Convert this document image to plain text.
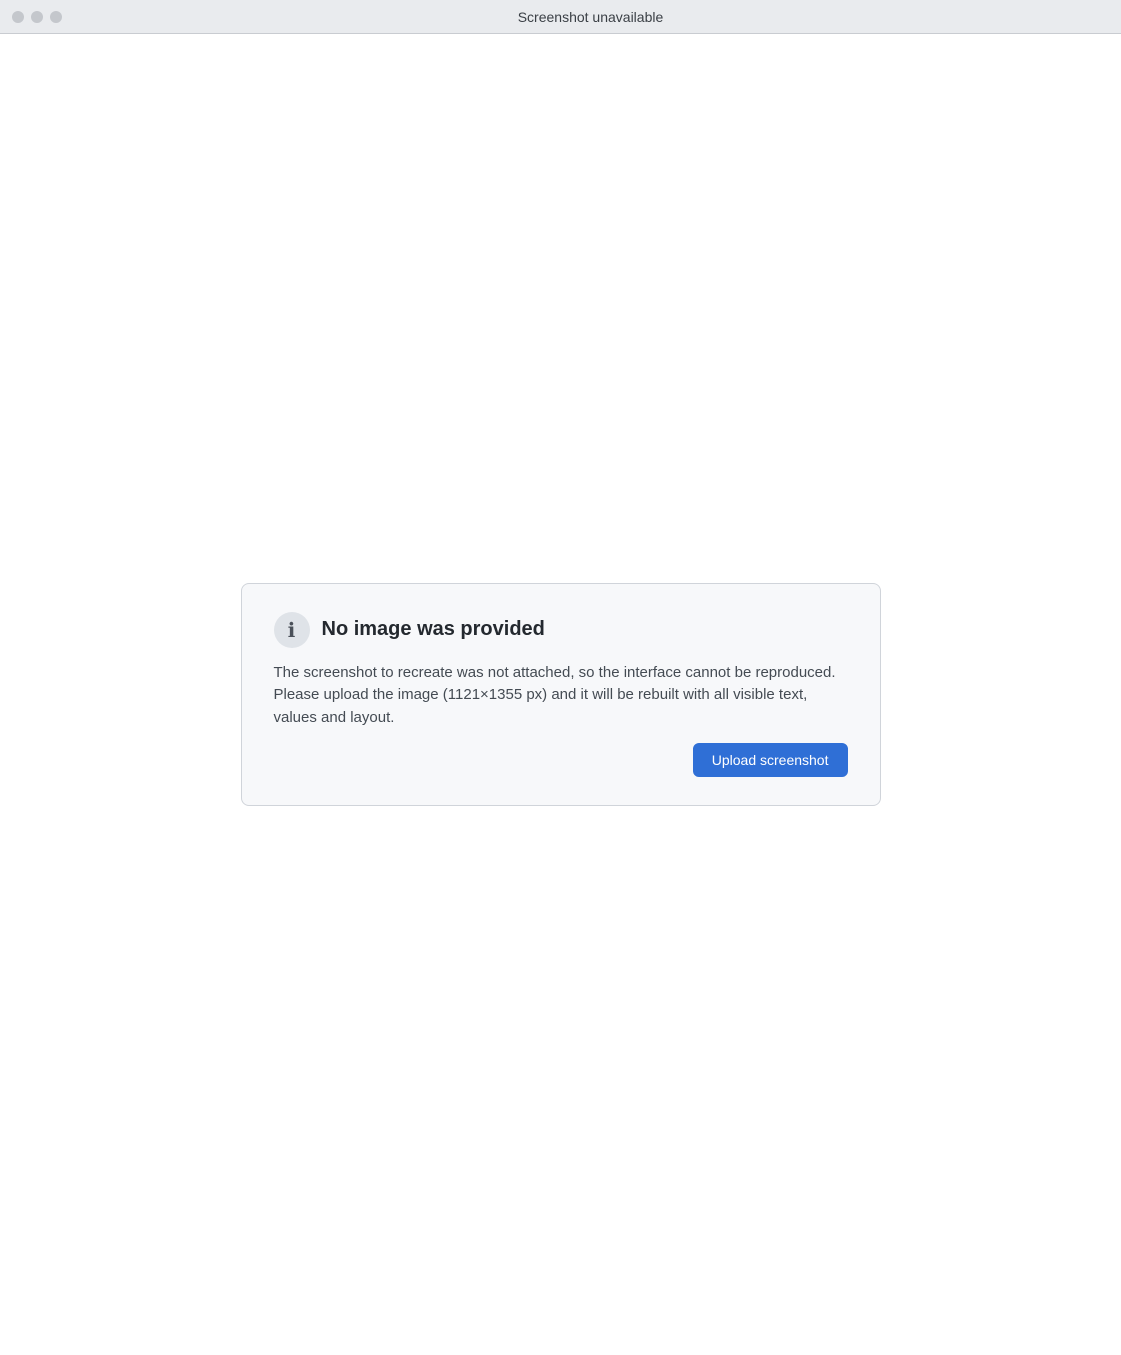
Screenshot unavailable
ℹ	No image was provided

The screenshot to recreate was not attached, so the interface cannot be reproduced. Please upload the image (1121×1355 px) and it will be rebuilt with all visible text, values and layout.

Upload screenshot
